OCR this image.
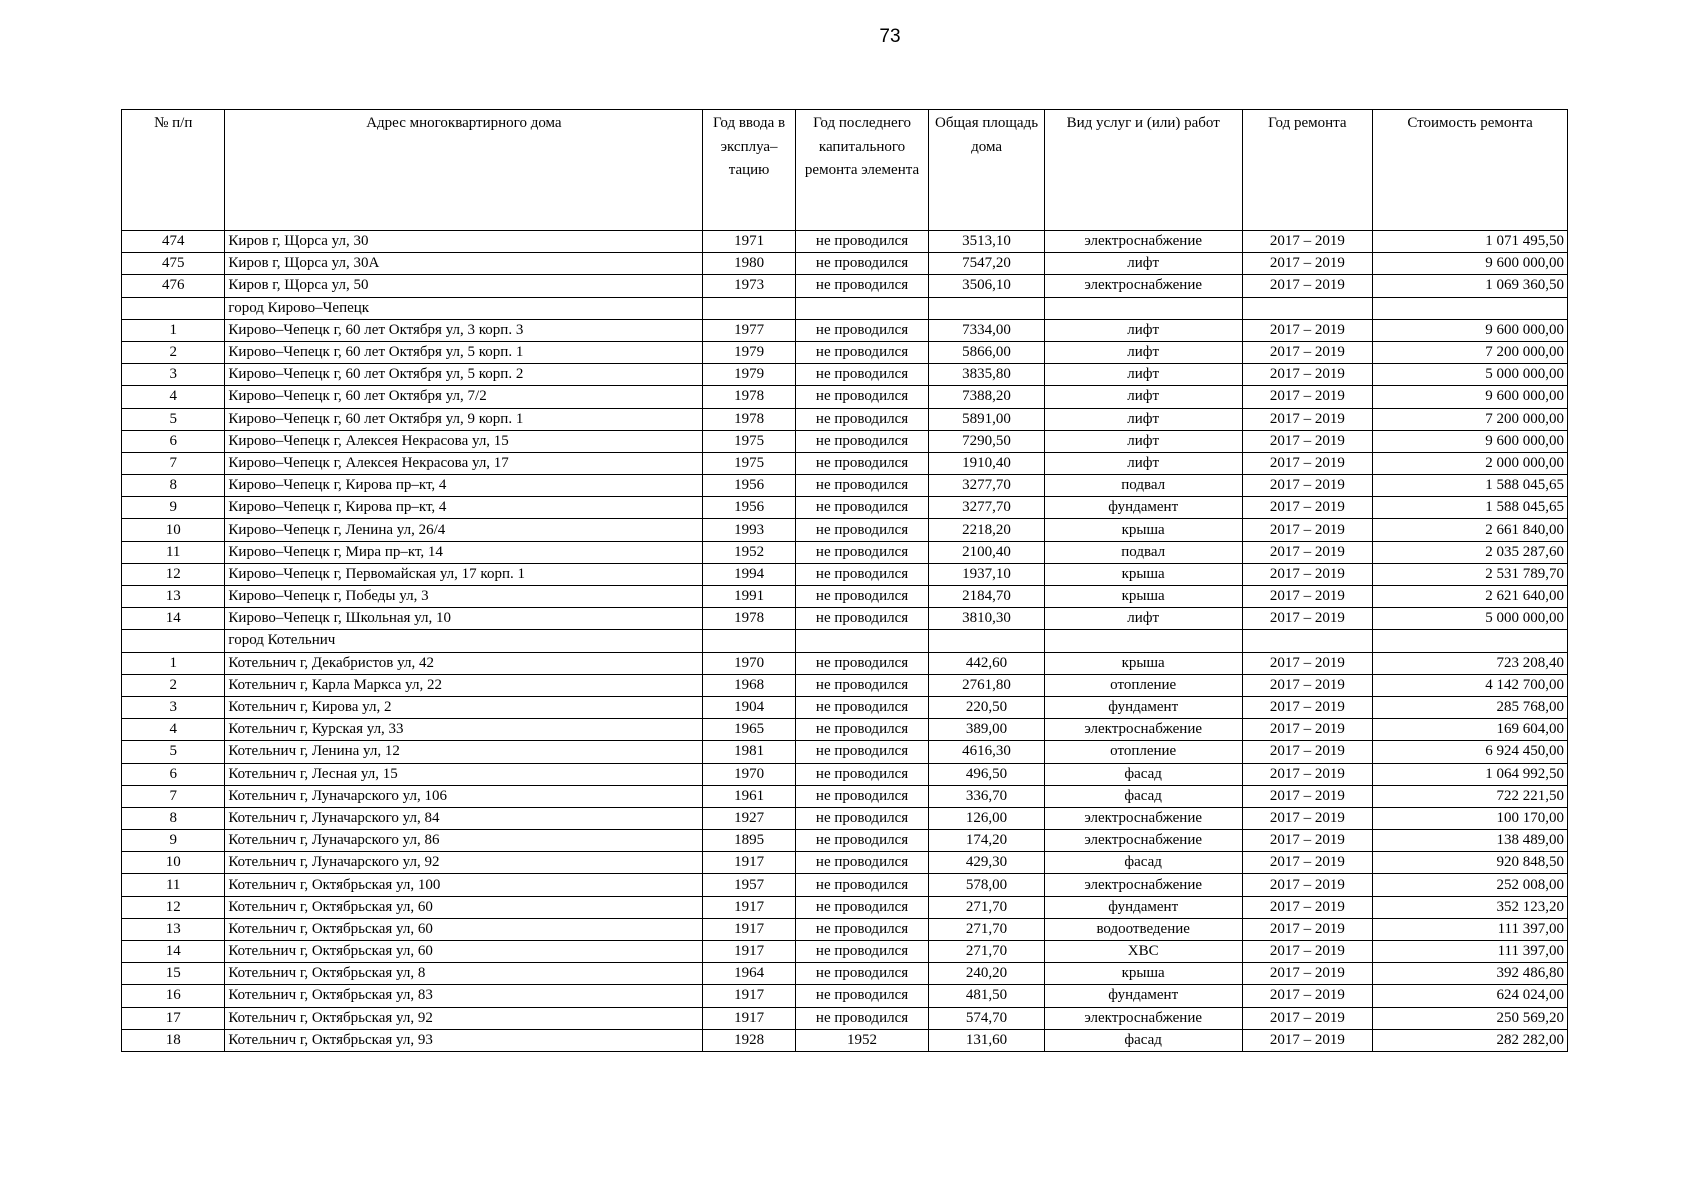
73
№ п/п	Адрес многоквартирного дома	Год ввода в эксплуа– тацию	Год последнего капитального ремонта элемента	Общая площадь дома	Вид услуг и (или) работ	Год ремонта	Стоимость ремонта
474	Киров г, Щорса ул, 30	1971	не проводился	3513,10	электроснабжение	2017 – 2019	1 071 495,50
475	Киров г, Щорса ул, 30А	1980	не проводился	7547,20	лифт	2017 – 2019	9 600 000,00
476	Киров г, Щорса ул, 50	1973	не проводился	3506,10	электроснабжение	2017 – 2019	1 069 360,50
	город Кирово–Чепецк						
1	Кирово–Чепецк г, 60 лет Октября ул, 3 корп. 3	1977	не проводился	7334,00	лифт	2017 – 2019	9 600 000,00
2	Кирово–Чепецк г, 60 лет Октября ул, 5 корп. 1	1979	не проводился	5866,00	лифт	2017 – 2019	7 200 000,00
3	Кирово–Чепецк г, 60 лет Октября ул, 5 корп. 2	1979	не проводился	3835,80	лифт	2017 – 2019	5 000 000,00
4	Кирово–Чепецк г, 60 лет Октября ул, 7/2	1978	не проводился	7388,20	лифт	2017 – 2019	9 600 000,00
5	Кирово–Чепецк г, 60 лет Октября ул, 9 корп. 1	1978	не проводился	5891,00	лифт	2017 – 2019	7 200 000,00
6	Кирово–Чепецк г, Алексея Некрасова ул, 15	1975	не проводился	7290,50	лифт	2017 – 2019	9 600 000,00
7	Кирово–Чепецк г, Алексея Некрасова ул, 17	1975	не проводился	1910,40	лифт	2017 – 2019	2 000 000,00
8	Кирово–Чепецк г, Кирова пр–кт, 4	1956	не проводился	3277,70	подвал	2017 – 2019	1 588 045,65
9	Кирово–Чепецк г, Кирова пр–кт, 4	1956	не проводился	3277,70	фундамент	2017 – 2019	1 588 045,65
10	Кирово–Чепецк г, Ленина ул, 26/4	1993	не проводился	2218,20	крыша	2017 – 2019	2 661 840,00
11	Кирово–Чепецк г, Мира пр–кт, 14	1952	не проводился	2100,40	подвал	2017 – 2019	2 035 287,60
12	Кирово–Чепецк г, Первомайская ул, 17 корп. 1	1994	не проводился	1937,10	крыша	2017 – 2019	2 531 789,70
13	Кирово–Чепецк г, Победы ул, 3	1991	не проводился	2184,70	крыша	2017 – 2019	2 621 640,00
14	Кирово–Чепецк г, Школьная ул, 10	1978	не проводился	3810,30	лифт	2017 – 2019	5 000 000,00
	город Котельнич						
1	Котельнич г, Декабристов ул, 42	1970	не проводился	442,60	крыша	2017 – 2019	723 208,40
2	Котельнич г, Карла Маркса ул, 22	1968	не проводился	2761,80	отопление	2017 – 2019	4 142 700,00
3	Котельнич г, Кирова ул, 2	1904	не проводился	220,50	фундамент	2017 – 2019	285 768,00
4	Котельнич г, Курская ул, 33	1965	не проводился	389,00	электроснабжение	2017 – 2019	169 604,00
5	Котельнич г, Ленина ул, 12	1981	не проводился	4616,30	отопление	2017 – 2019	6 924 450,00
6	Котельнич г, Лесная ул, 15	1970	не проводился	496,50	фасад	2017 – 2019	1 064 992,50
7	Котельнич г, Луначарского ул, 106	1961	не проводился	336,70	фасад	2017 – 2019	722 221,50
8	Котельнич г, Луначарского ул, 84	1927	не проводился	126,00	электроснабжение	2017 – 2019	100 170,00
9	Котельнич г, Луначарского ул, 86	1895	не проводился	174,20	электроснабжение	2017 – 2019	138 489,00
10	Котельнич г, Луначарского ул, 92	1917	не проводился	429,30	фасад	2017 – 2019	920 848,50
11	Котельнич г, Октябрьская ул, 100	1957	не проводился	578,00	электроснабжение	2017 – 2019	252 008,00
12	Котельнич г, Октябрьская ул, 60	1917	не проводился	271,70	фундамент	2017 – 2019	352 123,20
13	Котельнич г, Октябрьская ул, 60	1917	не проводился	271,70	водоотведение	2017 – 2019	111 397,00
14	Котельнич г, Октябрьская ул, 60	1917	не проводился	271,70	ХВС	2017 – 2019	111 397,00
15	Котельнич г, Октябрьская ул, 8	1964	не проводился	240,20	крыша	2017 – 2019	392 486,80
16	Котельнич г, Октябрьская ул, 83	1917	не проводился	481,50	фундамент	2017 – 2019	624 024,00
17	Котельнич г, Октябрьская ул, 92	1917	не проводился	574,70	электроснабжение	2017 – 2019	250 569,20
18	Котельнич г, Октябрьская ул, 93	1928	1952	131,60	фасад	2017 – 2019	282 282,00
